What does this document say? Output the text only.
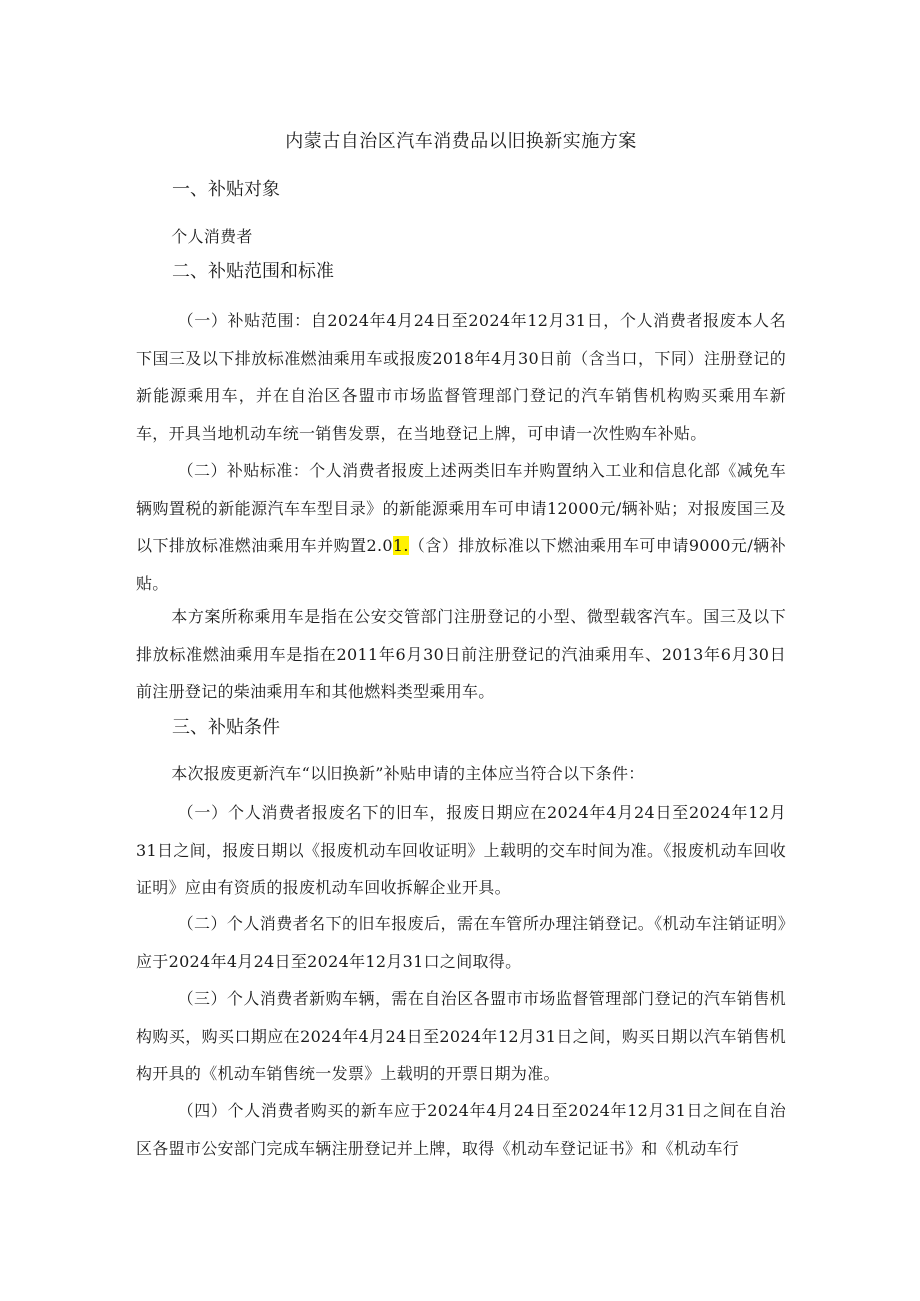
内蒙古自治区汽车消费品以旧换新实施方案
一、补贴对象

个人消费者

二、补贴范围和标准

（一）补贴范围：自2024年4月24日至2024年12月31日，个人消费者报废本人名下国三及以下排放标准燃油乘用车或报废2018年4月30日前（含当口，下同）注册登记的新能源乘用车，并在自治区各盟市市场监督管理部门登记的汽车销售机构购买乘用车新车，开具当地机动车统一销售发票，在当地登记上牌，可申请一次性购车补贴。

（二）补贴标准：个人消费者报废上述两类旧车并购置纳入工业和信息化部《减免车辆购置税的新能源汽车车型目录》的新能源乘用车可申请12000元/辆补贴；对报废国三及以下排放标准燃油乘用车并购置2.01.（含）排放标准以下燃油乘用车可申请9000元/辆补贴。

本方案所称乘用车是指在公安交管部门注册登记的小型、微型载客汽车。国三及以下排放标准燃油乘用车是指在2011年6月30日前注册登记的汽油乘用车、2013年6月30日前注册登记的柴油乘用车和其他燃料类型乘用车。

三、补贴条件

本次报废更新汽车“以旧换新”补贴申请的主体应当符合以下条件：

（一）个人消费者报废名下的旧车，报废日期应在2024年4月24日至2024年12月31日之间，报废日期以《报废机动车回收证明》上载明的交车时间为准。《报废机动车回收证明》应由有资质的报废机动车回收拆解企业开具。

（二）个人消费者名下的旧车报废后，需在车管所办理注销登记。《机动车注销证明》应于2024年4月24日至2024年12月31口之间取得。

（三）个人消费者新购车辆，需在自治区各盟市市场监督管理部门登记的汽车销售机构购买，购买口期应在2024年4月24日至2024年12月31日之间，购买日期以汽车销售机构开具的《机动车销售统一发票》上载明的开票日期为准。

（四）个人消费者购买的新车应于2024年4月24日至2024年12月31日之间在自治区各盟市公安部门完成车辆注册登记并上牌，取得《机动车登记证书》和《机动车行
